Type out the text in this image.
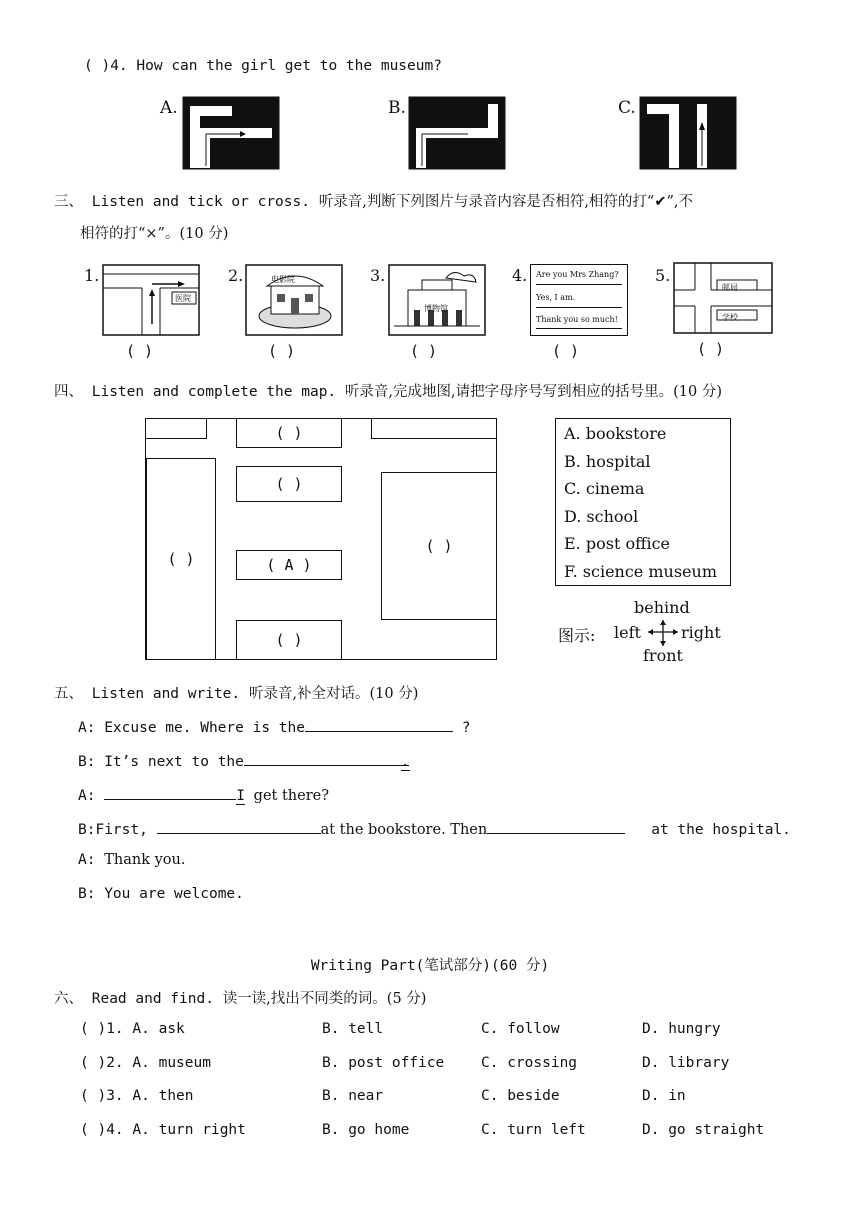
( )4. How can the girl get to the museum?
A.	B.	C.
三、 Listen and tick or cross. 听录音,判断下列图片与录音内容是否相符,相符的打“✔”,不
相符的打“×”。(10 分)
1.
医院
( )
2.	电影院
( )
3.
博物馆
( )
4. Are you Mrs Zhang?
Yes, I am.
Thank you so much!
( )
5.
邮局
学校
( )
四、 Listen and complete the map. 听录音,完成地图,请把字母序号写到相应的括号里。(10 分)
( )
( )
( )	( A )
( )
( )
A. bookstore
B. hospital
C. cinema
D. school
E. post office
F. science museum
behind
图示: left	right
front
五、 Listen and write. 听录音,补全对话。(10 分)
A: Excuse me. Where is the	?
B: It’s next to the	.
A:	I get there?
B:First,	at the bookstore. Then	at the hospital.
A: Thank you.
B: You are welcome.
Writing Part(笔试部分)(60 分)
六、 Read and find. 读一读,找出不同类的词。(5 分)
( )1. A. ask	B. tell	C. follow	D. hungry
( )2. A. museum	B. post office	C. crossing	D. library
( )3. A. then	B. near	C. beside	D. in
( )4. A. turn right	B. go home	C. turn left	D. go straight
